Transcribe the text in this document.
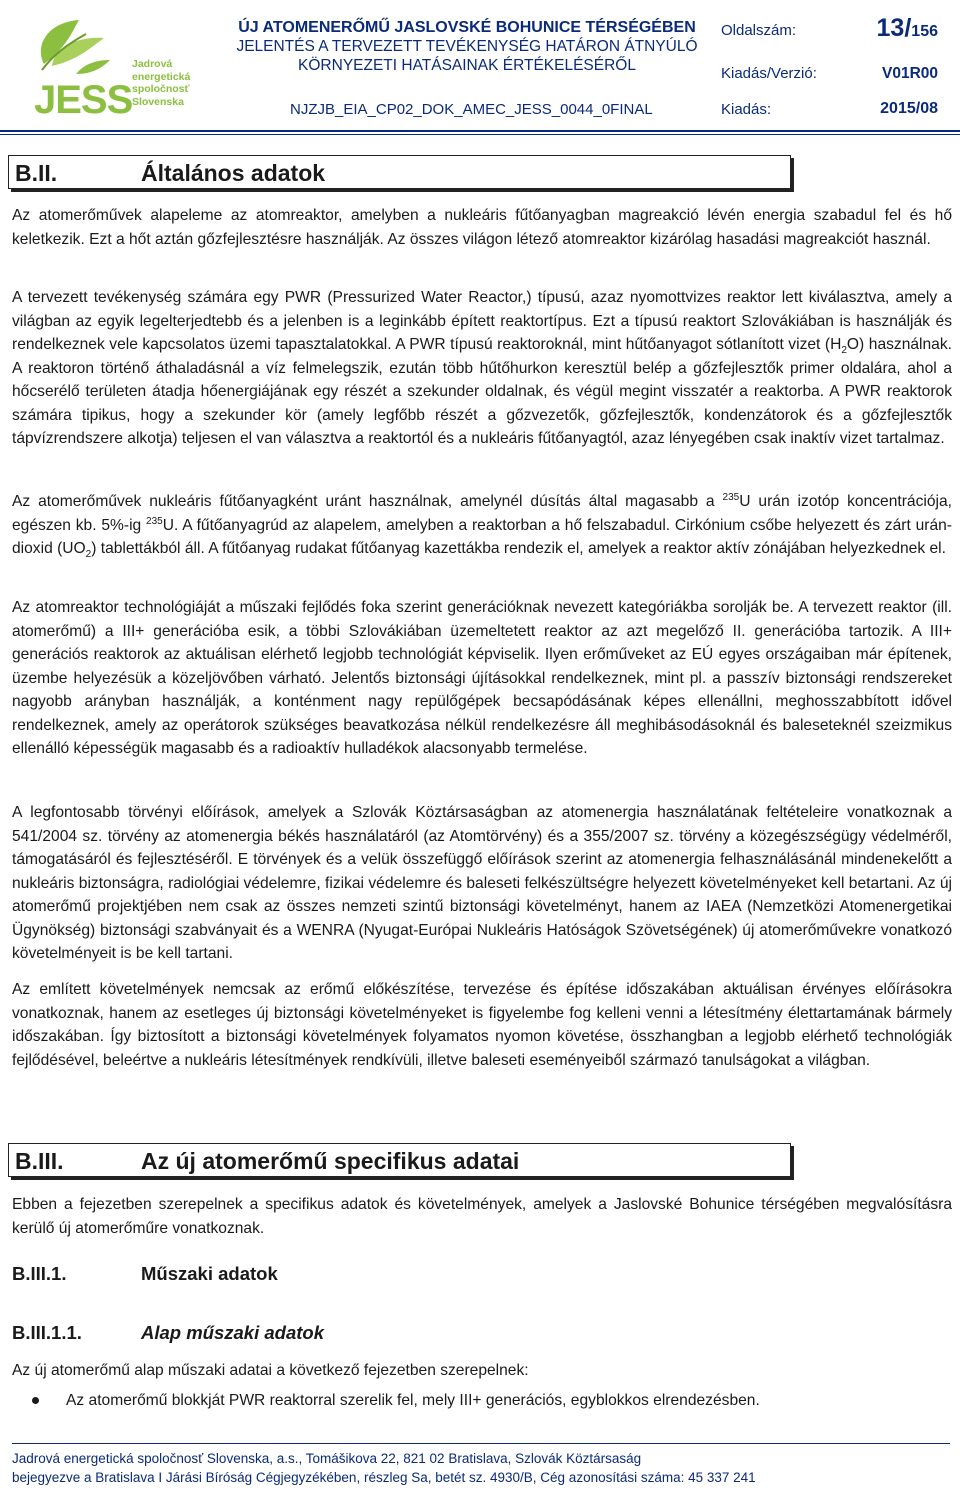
JESS
Jadrová
energetická
spoločnosť
Slovenska
ÚJ ATOMENERŐMŰ JASLOVSKÉ BOHUNICE TÉRSÉGÉBEN
JELENTÉS A TERVEZETT TEVÉKENYSÉG HATÁRON ÁTNYÚLÓ
KÖRNYEZETI HATÁSAINAK ÉRTÉKELÉSÉRŐL
NJZJB_EIA_CP02_DOK_AMEC_JESS_0044_0FINAL
Oldalszám:	13/156
Kiadás/Verzió:	V01R00
Kiadás:	2015/08
B.II.	Általános adatok

Az atomerőművek alapeleme az atomreaktor, amelyben a nukleáris fűtőanyagban magreakció lévén energia szabadul fel és hő keletkezik. Ezt a hőt aztán gőzfejlesztésre használják. Az összes világon létező atomreaktor kizárólag hasadási magreakciót használ.

A tervezett tevékenység számára egy PWR (Pressurized Water Reactor,) típusú, azaz nyomottvizes reaktor lett kiválasztva, amely a világban az egyik legelterjedtebb és a jelenben is a leginkább épített reaktortípus. Ezt a típusú reaktort Szlovákiában is használják és rendelkeznek vele kapcsolatos üzemi tapasztalatokkal. A PWR típusú reaktoroknál, mint hűtőanyagot sótlanított vizet $(H_2O)$ használnak. A reaktoron történő áthaladásnál a víz felmelegszik, ezután több hűtőhurkon keresztül belép a gőzfejlesztők primer oldalára, ahol a hőcserélő területen átadja hőenergiájának egy részét a szekunder oldalnak, és végül megint visszatér a reaktorba. A PWR reaktorok számára tipikus, hogy a szekunder kör (amely legfőbb részét a gőzvezetők, gőzfejlesztők, kondenzátorok és a gőzfejlesztők tápvízrendszere alkotja) teljesen el van választva a reaktortól és a nukleáris fűtőanyagtól, azaz lényegében csak inaktív vizet tartalmaz.

Az atomerőművek nukleáris fűtőanyagként uránt használnak, amelynél dúsítás által magasabb a $^{235}$U urán izotóp koncentrációja, egészen kb. 5%-ig $^{235}$U. A fűtőanyagrúd az alapelem, amelyben a reaktorban a hő felszabadul. Cirkónium csőbe helyezett és zárt urán-dioxid $(UO_2)$ tablettákból áll. A fűtőanyag rudakat fűtőanyag kazettákba rendezik el, amelyek a reaktor aktív zónájában helyezkednek el.

Az atomreaktor technológiáját a műszaki fejlődés foka szerint generációknak nevezett kategóriákba sorolják be. A tervezett reaktor (ill. atomerőmű) a III+ generációba esik, a többi Szlovákiában üzemeltetett reaktor az azt megelőző II. generációba tartozik. A III+ generációs reaktorok az aktuálisan elérhető legjobb technológiát képviselik. Ilyen erőműveket az EÚ egyes országaiban már építenek, üzembe helyezésük a közeljövőben várható. Jelentős biztonsági újításokkal rendelkeznek, mint pl. a passzív biztonsági rendszereket nagyobb arányban használják, a konténment nagy repülőgépek becsapódásának képes ellenállni, meghosszabbított idővel rendelkeznek, amely az operátorok szükséges beavatkozása nélkül rendelkezésre áll meghibásodásoknál és baleseteknél szeizmikus ellenálló képességük magasabb és a radioaktív hulladékok alacsonyabb termelése.

A legfontosabb törvényi előírások, amelyek a Szlovák Köztársaságban az atomenergia használatának feltételeire vonatkoznak a 541/2004 sz. törvény az atomenergia békés használatáról (az Atomtörvény) és a 355/2007 sz. törvény a közegészségügy védelméről, támogatásáról és fejlesztéséről. E törvények és a velük összefüggő előírások szerint az atomenergia felhasználásánál mindenekelőtt a nukleáris biztonságra, radiológiai védelemre, fizikai védelemre és baleseti felkészültségre helyezett követelményeket kell betartani. Az új atomerőmű projektjében nem csak az összes nemzeti szintű biztonsági követelményt, hanem az IAEA (Nemzetközi Atomenergetikai Ügynökség) biztonsági szabványait és a WENRA (Nyugat-Európai Nukleáris Hatóságok Szövetségének) új atomerőművekre vonatkozó követelményeit is be kell tartani.

Az említett követelmények nemcsak az erőmű előkészítése, tervezése és építése időszakában aktuálisan érvényes előírásokra vonatkoznak, hanem az esetleges új biztonsági követelményeket is figyelembe fog kelleni venni a létesítmény élettartamának bármely időszakában. Így biztosított a biztonsági követelmények folyamatos nyomon követése, összhangban a legjobb elérhető technológiák fejlődésével, beleértve a nukleáris létesítmények rendkívüli, illetve baleseti eseményeiből származó tanulságokat a világban.

B.III.	Az új atomerőmű specifikus adatai

Ebben a fejezetben szerepelnek a specifikus adatok és követelmények, amelyek a Jaslovské Bohunice térségében megvalósításra kerülő új atomerőműre vonatkoznak.

B.III.1.	Műszaki adatok
B.III.1.1.	Alap műszaki adatok

Az új atomerőmű alap műszaki adatai a következő fejezetben szerepelnek:

Az atomerőmű blokkját PWR reaktorral szerelik fel, mely III+ generációs, egyblokkos elrendezésben.
Jadrová energetická spoločnosť Slovenska, a.s., Tomášikova 22, 821 02 Bratislava, Szlovák Köztársaság
bejegyezve a Bratislava I Járási Bíróság Cégjegyzékében, részleg Sa, betét sz. 4930/B, Cég azonosítási száma: 45 337 241
